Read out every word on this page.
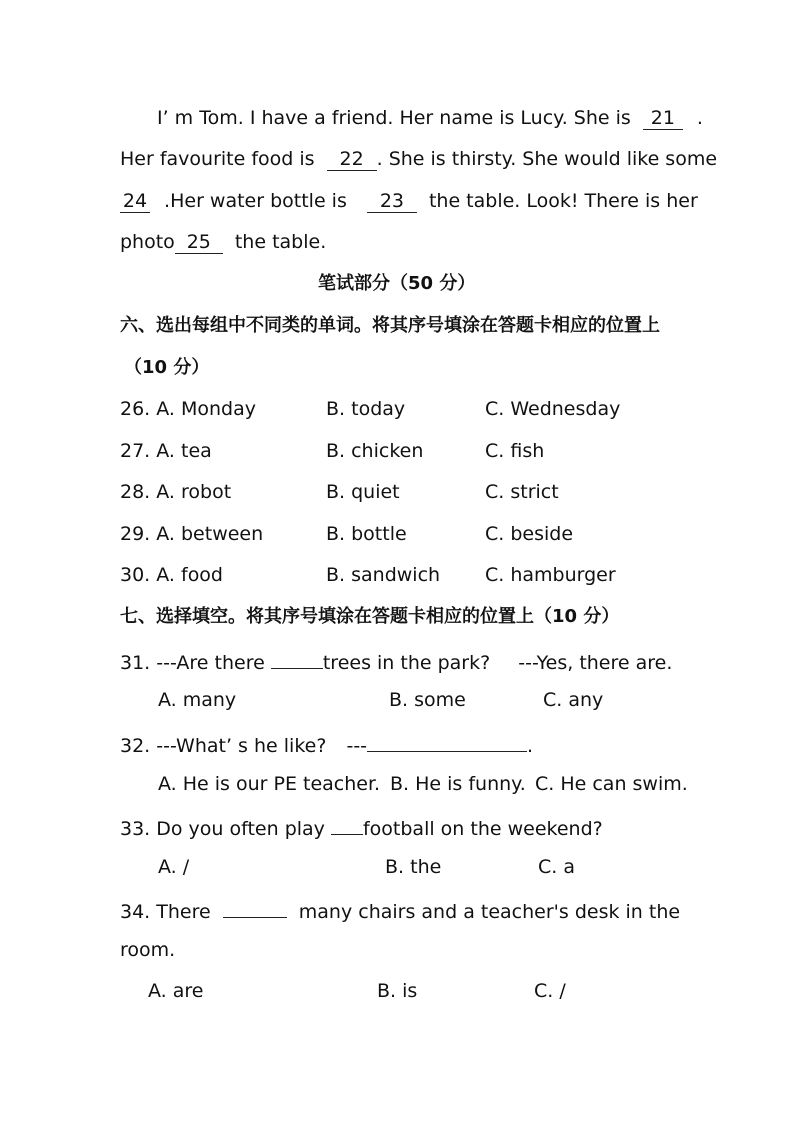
I’ m Tom. I have a friend. Her name is Lucy. She is 21 .
Her favourite food is 22 . She is thirsty. She would like some
24 .Her water bottle is 23 the table. Look! There is her
photo 25 the table.
笔试部分（50 分）
六、选出每组中不同类的单词。将其序号填涂在答题卡相应的位置上
（10 分）
26. A. Monday	B. today	C. Wednesday
27. A. tea	B. chicken	C. fish
28. A. robot	B. quiet	C. strict
29. A. between	B. bottle	C. beside
30. A. food	B. sandwich C. hamburger
七、选择填空。将其序号填涂在答题卡相应的位置上（10 分）
31. ---Are there	trees in the park? ---Yes, there are.
A. many	B. some	C. any
32. ---What’ s he like? ---	.
A. He is our PE teacher. B. He is funny. C. He can swim.
33. Do you often play football on the weekend?
A. /	B. the	C. a
34. There	many chairs and a teacher's desk in the
room.
A. are	B. is	C. /
